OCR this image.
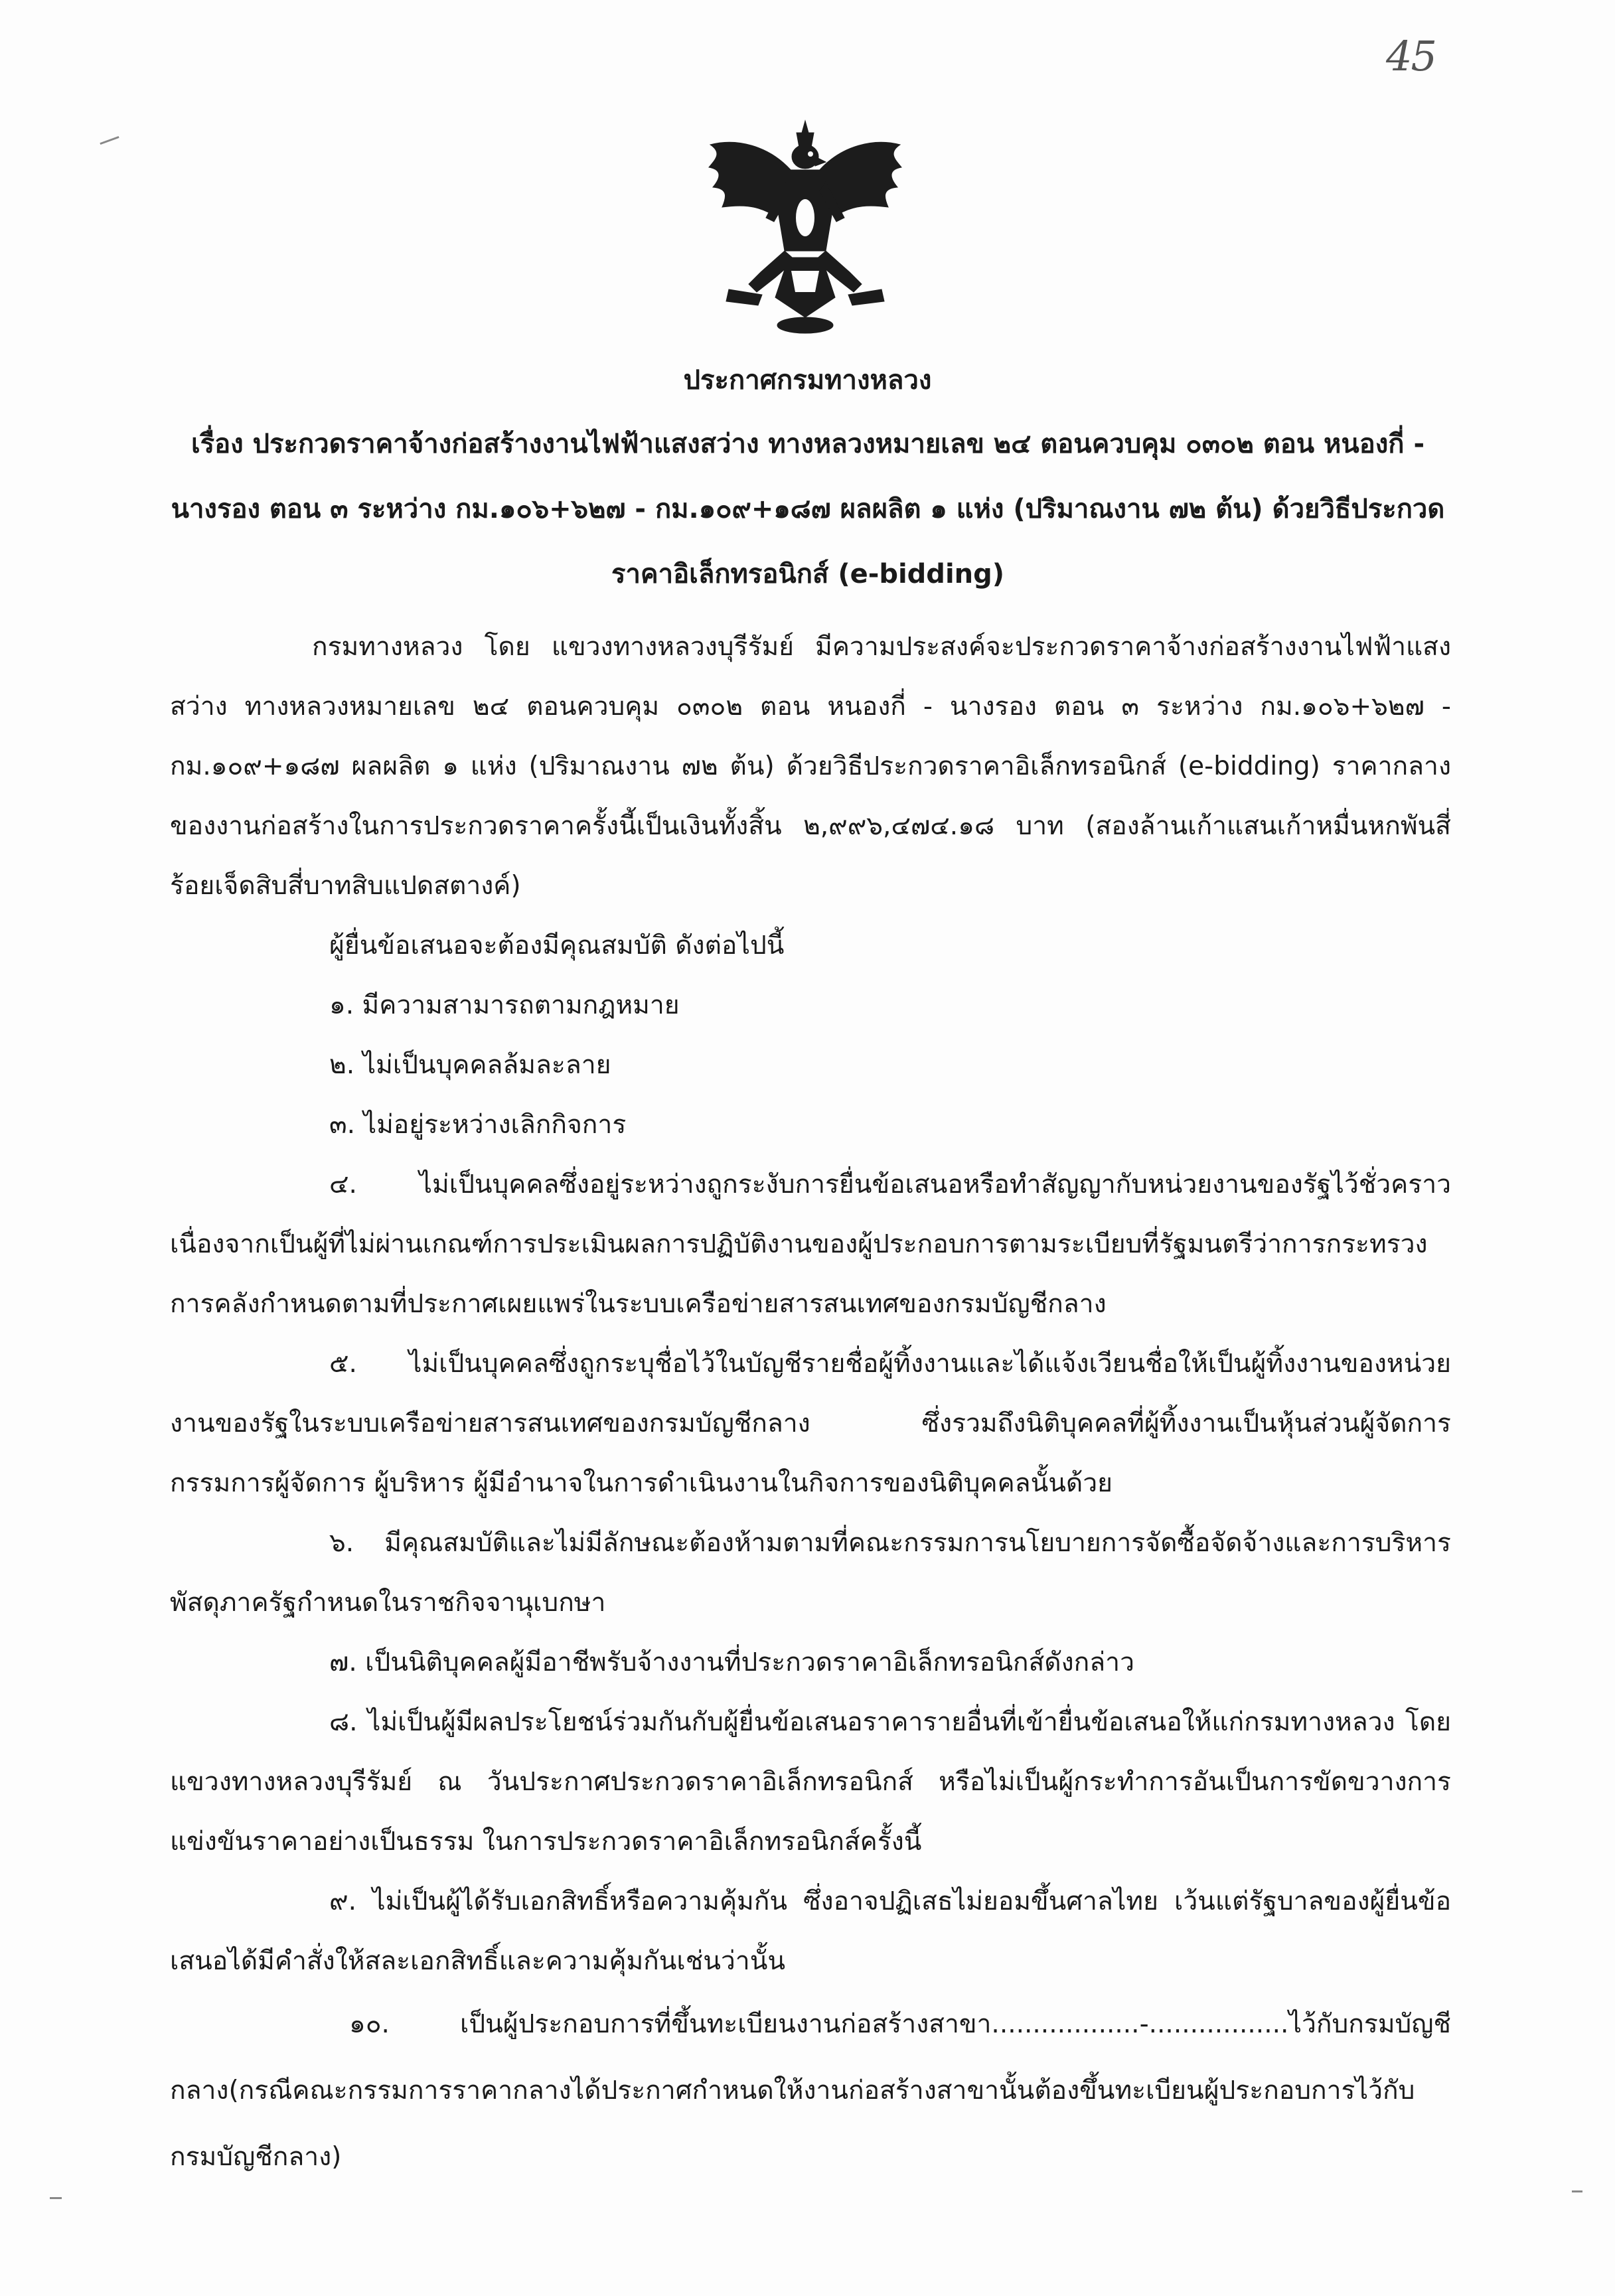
45
ประกาศกรมทางหลวง
เรื่อง ประกวดราคาจ้างก่อสร้างงานไฟฟ้าแสงสว่าง ทางหลวงหมายเลข ๒๔ ตอนควบคุม ๐๓๐๒ ตอน หนองกี่ - นางรอง ตอน ๓ ระหว่าง กม.๑๐๖+๖๒๗ - กม.๑๐๙+๑๘๗ ผลผลิต ๑ แห่ง (ปริมาณงาน ๗๒ ต้น) ด้วยวิธีประกวดราคาอิเล็กทรอนิกส์ (e-bidding)

กรมทางหลวง โดย แขวงทางหลวงบุรีรัมย์ มีความประสงค์จะประกวดราคาจ้างก่อสร้างงานไฟฟ้าแสงสว่าง ทางหลวงหมายเลข ๒๔ ตอนควบคุม ๐๓๐๒ ตอน หนองกี่ - นางรอง ตอน ๓ ระหว่าง กม.๑๐๖+๖๒๗ - กม.๑๐๙+๑๘๗ ผลผลิต ๑ แห่ง (ปริมาณงาน ๗๒ ต้น) ด้วยวิธีประกวดราคาอิเล็กทรอนิกส์ (e-bidding) ราคากลางของงานก่อสร้างในการประกวดราคาครั้งนี้เป็นเงินทั้งสิ้น ๒,๙๙๖,๔๗๔.๑๘ บาท (สองล้านเก้าแสนเก้าหมื่นหกพันสี่ร้อยเจ็ดสิบสี่บาทสิบแปดสตางค์)

ผู้ยื่นข้อเสนอจะต้องมีคุณสมบัติ ดังต่อไปนี้

๑. มีความสามารถตามกฎหมาย

๒. ไม่เป็นบุคคลล้มละลาย

๓. ไม่อยู่ระหว่างเลิกกิจการ

๔. ไม่เป็นบุคคลซึ่งอยู่ระหว่างถูกระงับการยื่นข้อเสนอหรือทำสัญญากับหน่วยงานของรัฐไว้ชั่วคราว เนื่องจากเป็นผู้ที่ไม่ผ่านเกณฑ์การประเมินผลการปฏิบัติงานของผู้ประกอบการตามระเบียบที่รัฐมนตรีว่าการกระทรวงการคลังกำหนดตามที่ประกาศเผยแพร่ในระบบเครือข่ายสารสนเทศของกรมบัญชีกลาง

๕. ไม่เป็นบุคคลซึ่งถูกระบุชื่อไว้ในบัญชีรายชื่อผู้ทิ้งงานและได้แจ้งเวียนชื่อให้เป็นผู้ทิ้งงานของหน่วยงานของรัฐในระบบเครือข่ายสารสนเทศของกรมบัญชีกลาง ซึ่งรวมถึงนิติบุคคลที่ผู้ทิ้งงานเป็นหุ้นส่วนผู้จัดการ กรรมการผู้จัดการ ผู้บริหาร ผู้มีอำนาจในการดำเนินงานในกิจการของนิติบุคคลนั้นด้วย

๖. มีคุณสมบัติและไม่มีลักษณะต้องห้ามตามที่คณะกรรมการนโยบายการจัดซื้อจัดจ้างและการบริหารพัสดุภาครัฐกำหนดในราชกิจจานุเบกษา

๗. เป็นนิติบุคคลผู้มีอาชีพรับจ้างงานที่ประกวดราคาอิเล็กทรอนิกส์ดังกล่าว

๘. ไม่เป็นผู้มีผลประโยชน์ร่วมกันกับผู้ยื่นข้อเสนอราคารายอื่นที่เข้ายื่นข้อเสนอให้แก่กรมทางหลวง โดย แขวงทางหลวงบุรีรัมย์ ณ วันประกาศประกวดราคาอิเล็กทรอนิกส์ หรือไม่เป็นผู้กระทำการอันเป็นการขัดขวางการแข่งขันราคาอย่างเป็นธรรม ในการประกวดราคาอิเล็กทรอนิกส์ครั้งนี้

๙. ไม่เป็นผู้ได้รับเอกสิทธิ์หรือความคุ้มกัน ซึ่งอาจปฏิเสธไม่ยอมขึ้นศาลไทย เว้นแต่รัฐบาลของผู้ยื่นข้อเสนอได้มีคำสั่งให้สละเอกสิทธิ์และความคุ้มกันเช่นว่านั้น

๑๐. เป็นผู้ประกอบการที่ขึ้นทะเบียนงานก่อสร้างสาขา..................-.................ไว้กับกรมบัญชีกลาง(กรณีคณะกรรมการราคากลางได้ประกาศกำหนดให้งานก่อสร้างสาขานั้นต้องขึ้นทะเบียนผู้ประกอบการไว้กับกรมบัญชีกลาง)
